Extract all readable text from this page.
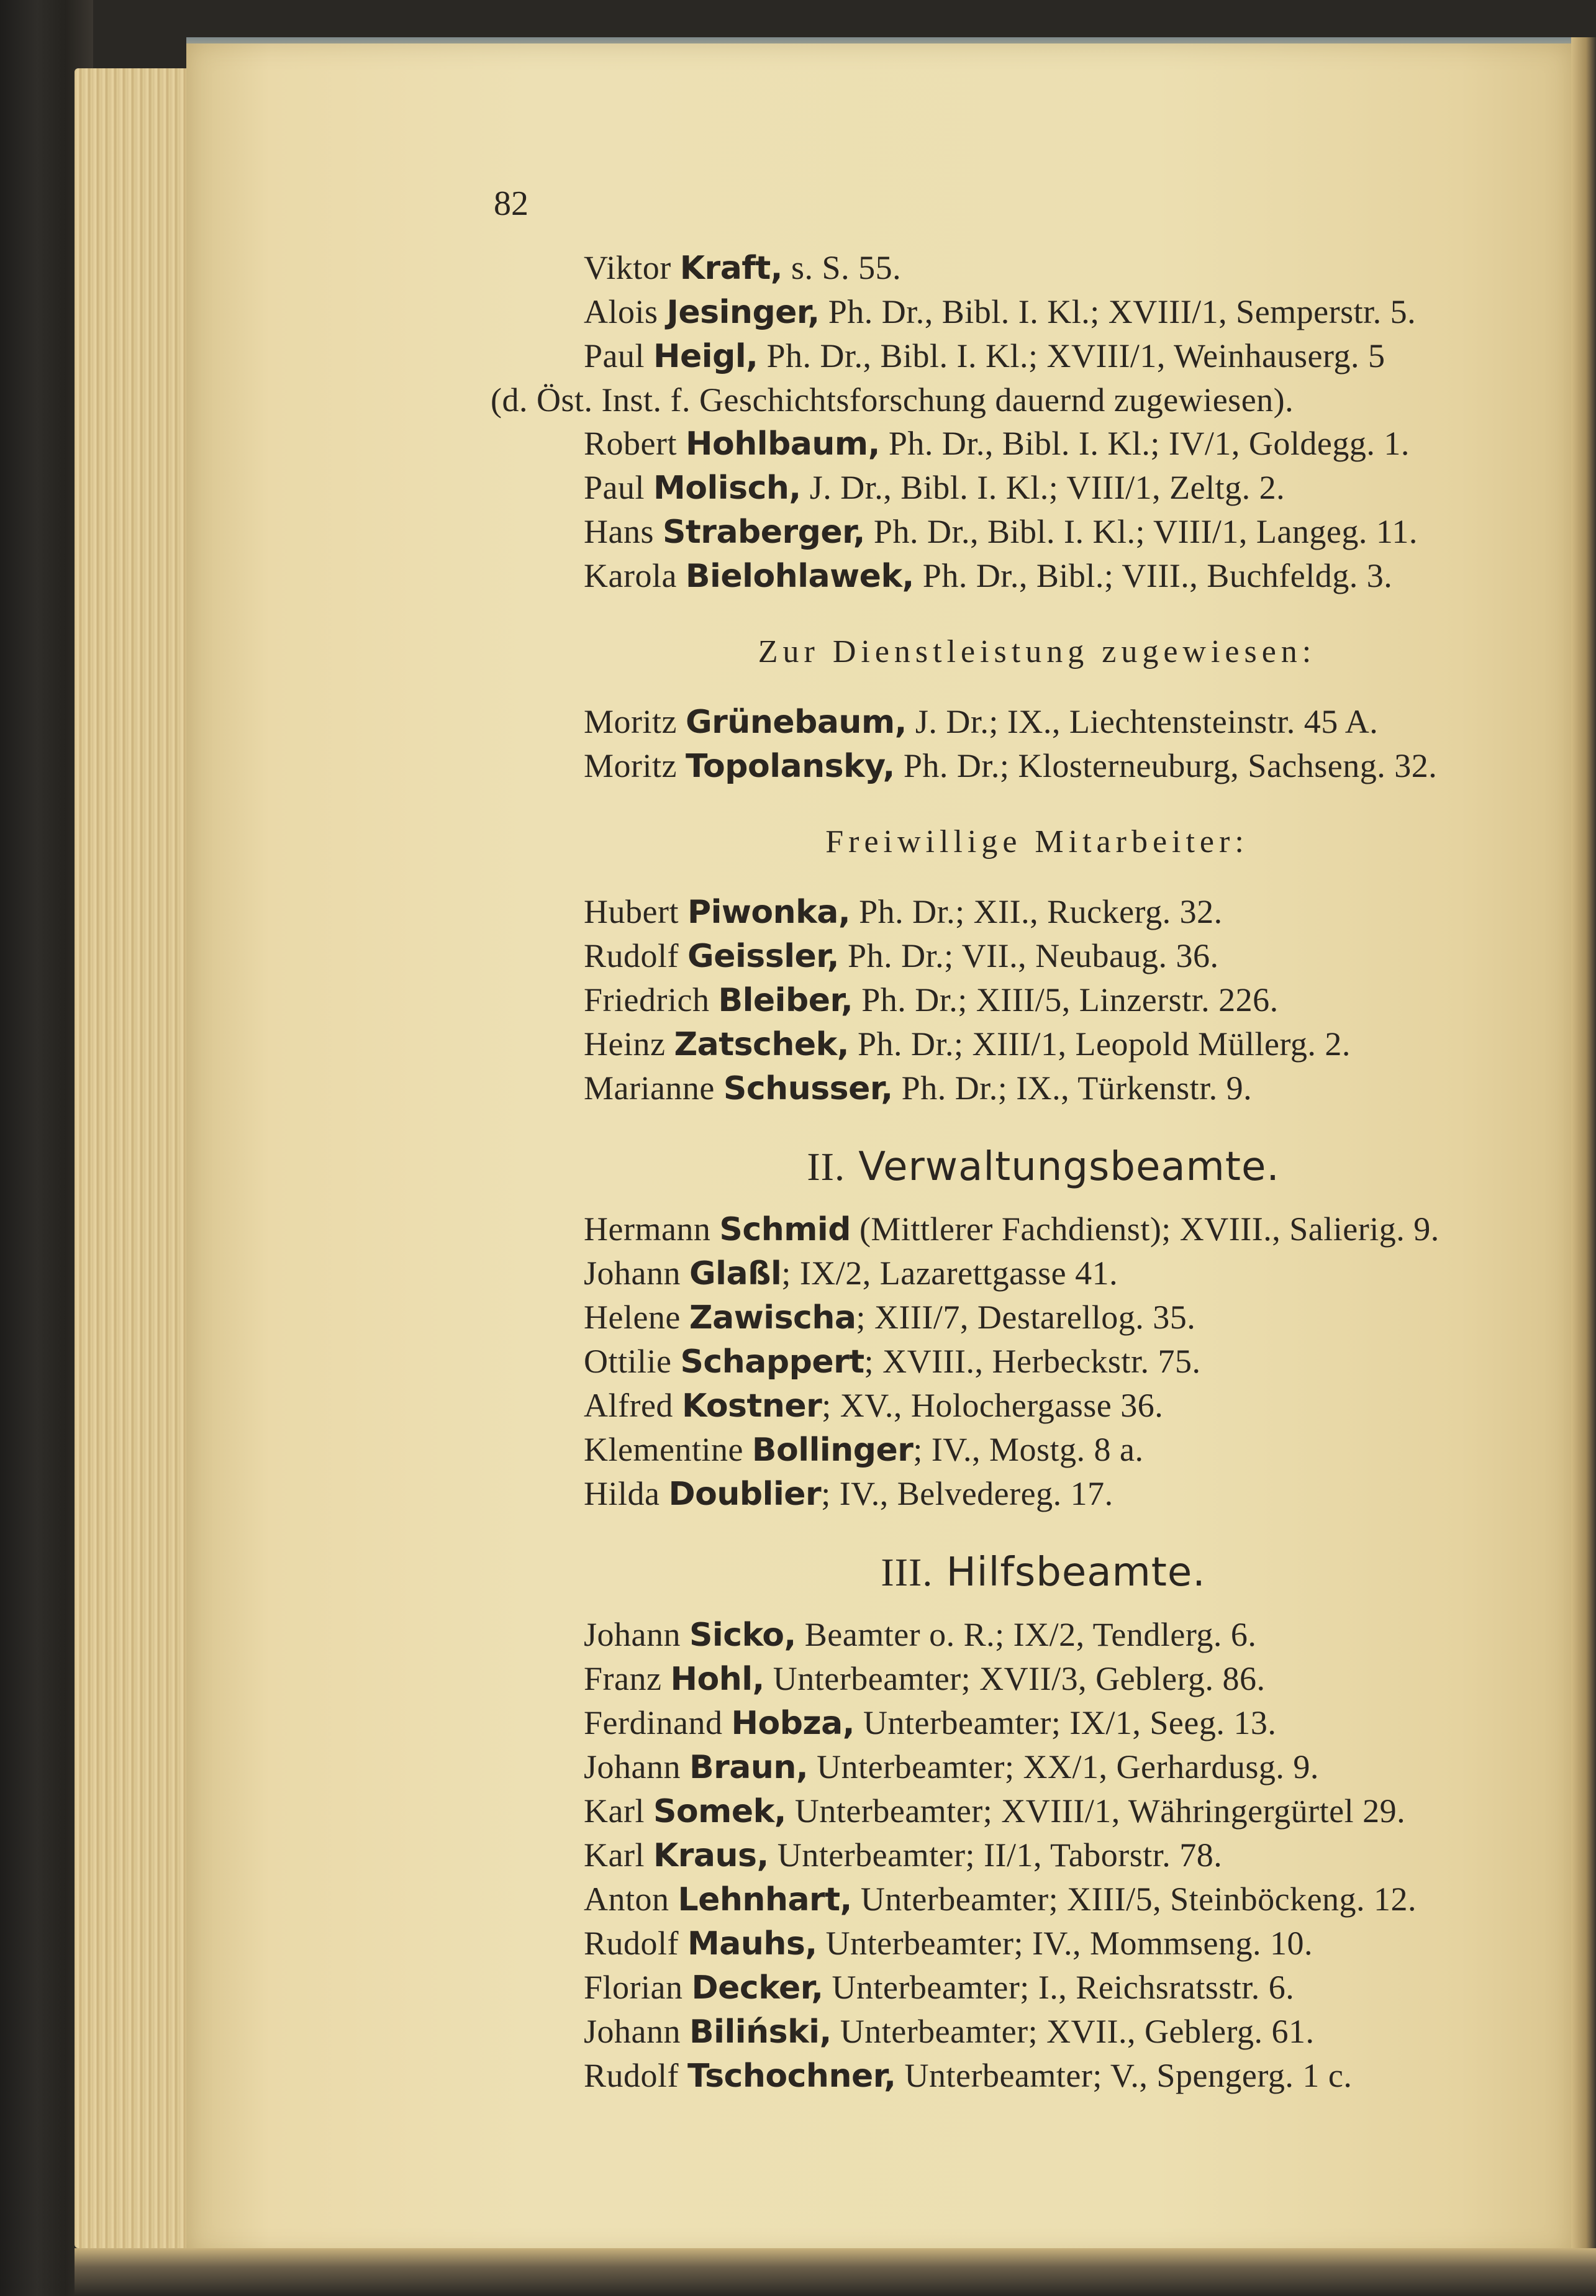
82
Viktor Kraft, s. S. 55.
Alois Jesinger, Ph. Dr., Bibl. I. Kl.; XVIII/1, Semperstr. 5.
Paul Heigl, Ph. Dr., Bibl. I. Kl.; XVIII/1, Weinhauserg. 5
(d. Öst. Inst. f. Geschichtsforschung dauernd zugewiesen).
Robert Hohlbaum, Ph. Dr., Bibl. I. Kl.; IV/1, Goldegg. 1.
Paul Molisch, J. Dr., Bibl. I. Kl.; VIII/1, Zeltg. 2.
Hans Straberger, Ph. Dr., Bibl. I. Kl.; VIII/1, Langeg. 11.
Karola Bielohlawek, Ph. Dr., Bibl.; VIII., Buchfeldg. 3.
Zur Dienstleistung zugewiesen:
Moritz Grünebaum, J. Dr.; IX., Liechtensteinstr. 45 A.
Moritz Topolansky, Ph. Dr.; Klosterneuburg, Sachseng. 32.
Freiwillige Mitarbeiter:
Hubert Piwonka, Ph. Dr.; XII., Ruckerg. 32.
Rudolf Geissler, Ph. Dr.; VII., Neubaug. 36.
Friedrich Bleiber, Ph. Dr.; XIII/5, Linzerstr. 226.
Heinz Zatschek, Ph. Dr.; XIII/1, Leopold Müllerg. 2.
Marianne Schusser, Ph. Dr.; IX., Türkenstr. 9.
II. Verwaltungsbeamte.
Hermann Schmid (Mittlerer Fachdienst); XVIII., Salierig. 9.
Johann Glaßl; IX/2, Lazarettgasse 41.
Helene Zawischa; XIII/7, Destarellog. 35.
Ottilie Schappert; XVIII., Herbeckstr. 75.
Alfred Kostner; XV., Holochergasse 36.
Klementine Bollinger; IV., Mostg. 8 a.
Hilda Doublier; IV., Belvedereg. 17.
III. Hilfsbeamte.
Johann Sicko, Beamter o. R.; IX/2, Tendlerg. 6.
Franz Hohl, Unterbeamter; XVII/3, Geblerg. 86.
Ferdinand Hobza, Unterbeamter; IX/1, Seeg. 13.
Johann Braun, Unterbeamter; XX/1, Gerhardusg. 9.
Karl Somek, Unterbeamter; XVIII/1, Währingergürtel 29.
Karl Kraus, Unterbeamter; II/1, Taborstr. 78.
Anton Lehnhart, Unterbeamter; XIII/5, Steinböckeng. 12.
Rudolf Mauhs, Unterbeamter; IV., Mommseng. 10.
Florian Decker, Unterbeamter; I., Reichsratsstr. 6.
Johann Biliński, Unterbeamter; XVII., Geblerg. 61.
Rudolf Tschochner, Unterbeamter; V., Spengerg. 1 c.
